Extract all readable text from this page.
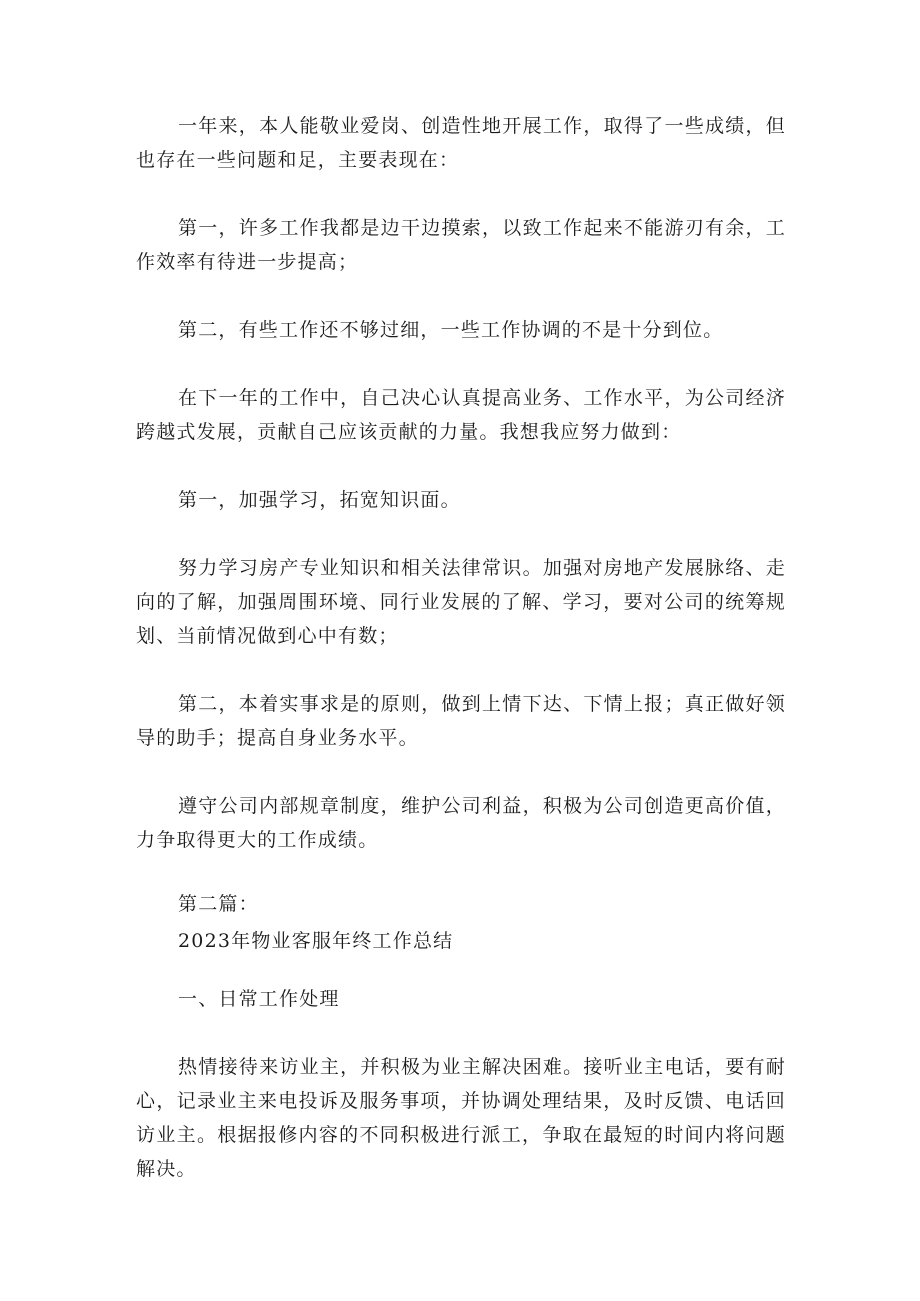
一年来，本人能敬业爱岗、创造性地开展工作，取得了一些成绩，但也存在一些问题和足，主要表现在：

第一，许多工作我都是边干边摸索，以致工作起来不能游刃有余，工作效率有待进一步提高；

第二，有些工作还不够过细，一些工作协调的不是十分到位。

在下一年的工作中，自己决心认真提高业务、工作水平，为公司经济跨越式发展，贡献自己应该贡献的力量。我想我应努力做到：

第一，加强学习，拓宽知识面。

努力学习房产专业知识和相关法律常识。加强对房地产发展脉络、走向的了解，加强周围环境、同行业发展的了解、学习，要对公司的统筹规划、当前情况做到心中有数；

第二，本着实事求是的原则，做到上情下达、下情上报；真正做好领导的助手；提高自身业务水平。

遵守公司内部规章制度，维护公司利益，积极为公司创造更高价值，力争取得更大的工作成绩。

第二篇：

2023年物业客服年终工作总结

一、日常工作处理

热情接待来访业主，并积极为业主解决困难。接听业主电话，要有耐心，记录业主来电投诉及服务事项，并协调处理结果，及时反馈、电话回访业主。根据报修内容的不同积极进行派工，争取在最短的时间内将问题解决。
